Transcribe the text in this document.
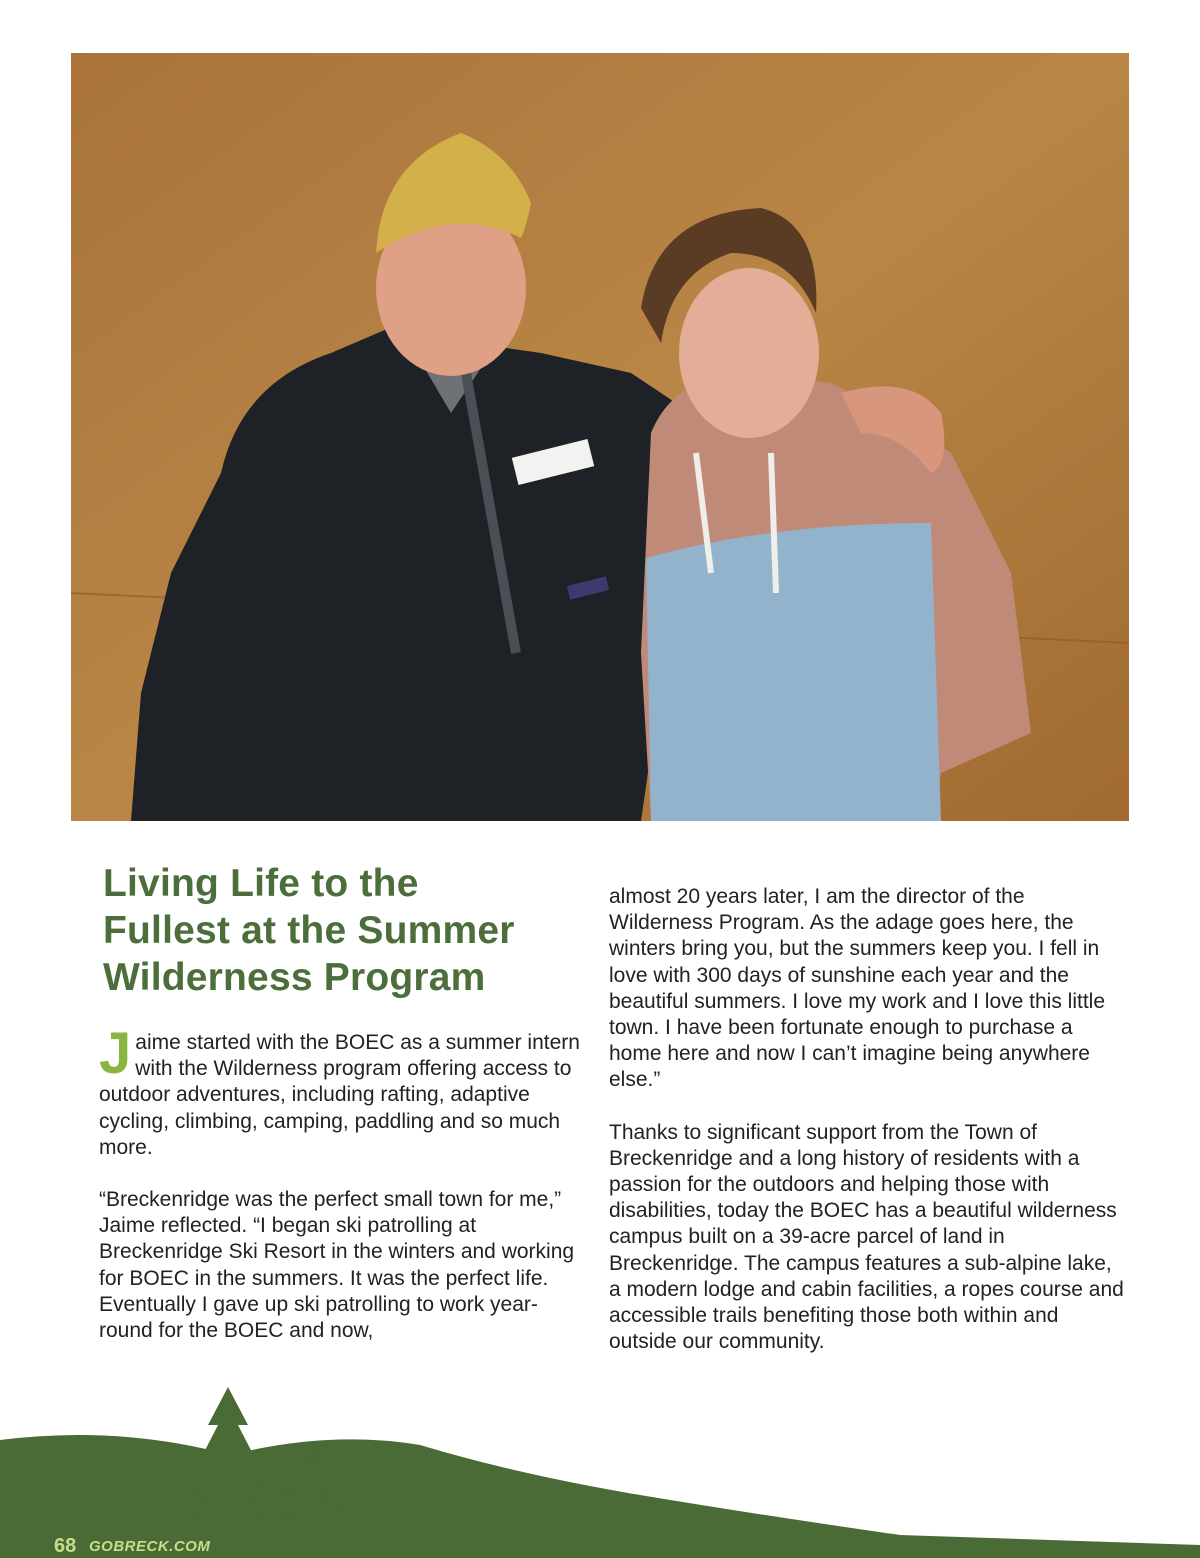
Living Life to the
Fullest at the Summer
Wilderness Program

Jaime started with the BOEC as a summer intern with the Wilderness program offering access to outdoor adventures, including rafting, adaptive cycling, climbing, camping, paddling and so much more.

“Breckenridge was the perfect small town for me,” Jaime reflected. “I began ski patrolling at Breckenridge Ski Resort in the winters and working for BOEC in the summers. It was the perfect life. Eventually I gave up ski patrolling to work year-round for the BOEC and now,

almost 20 years later, I am the director of the Wilderness Program. As the adage goes here, the winters bring you, but the summers keep you. I fell in love with 300 days of sunshine each year and the beautiful summers. I love my work and I love this little town. I have been fortunate enough to purchase a home here and now I can’t imagine being anywhere else.”

Thanks to significant support from the Town of Breckenridge and a long history of residents with a passion for the outdoors and helping those with disabilities, today the BOEC has a beautiful wilderness campus built on a 39-acre parcel of land in Breckenridge. The campus features a sub-alpine lake, a modern lodge and cabin facilities, a ropes course and accessible trails benefiting those both within and outside our community.

68 GOBRECK.COM
